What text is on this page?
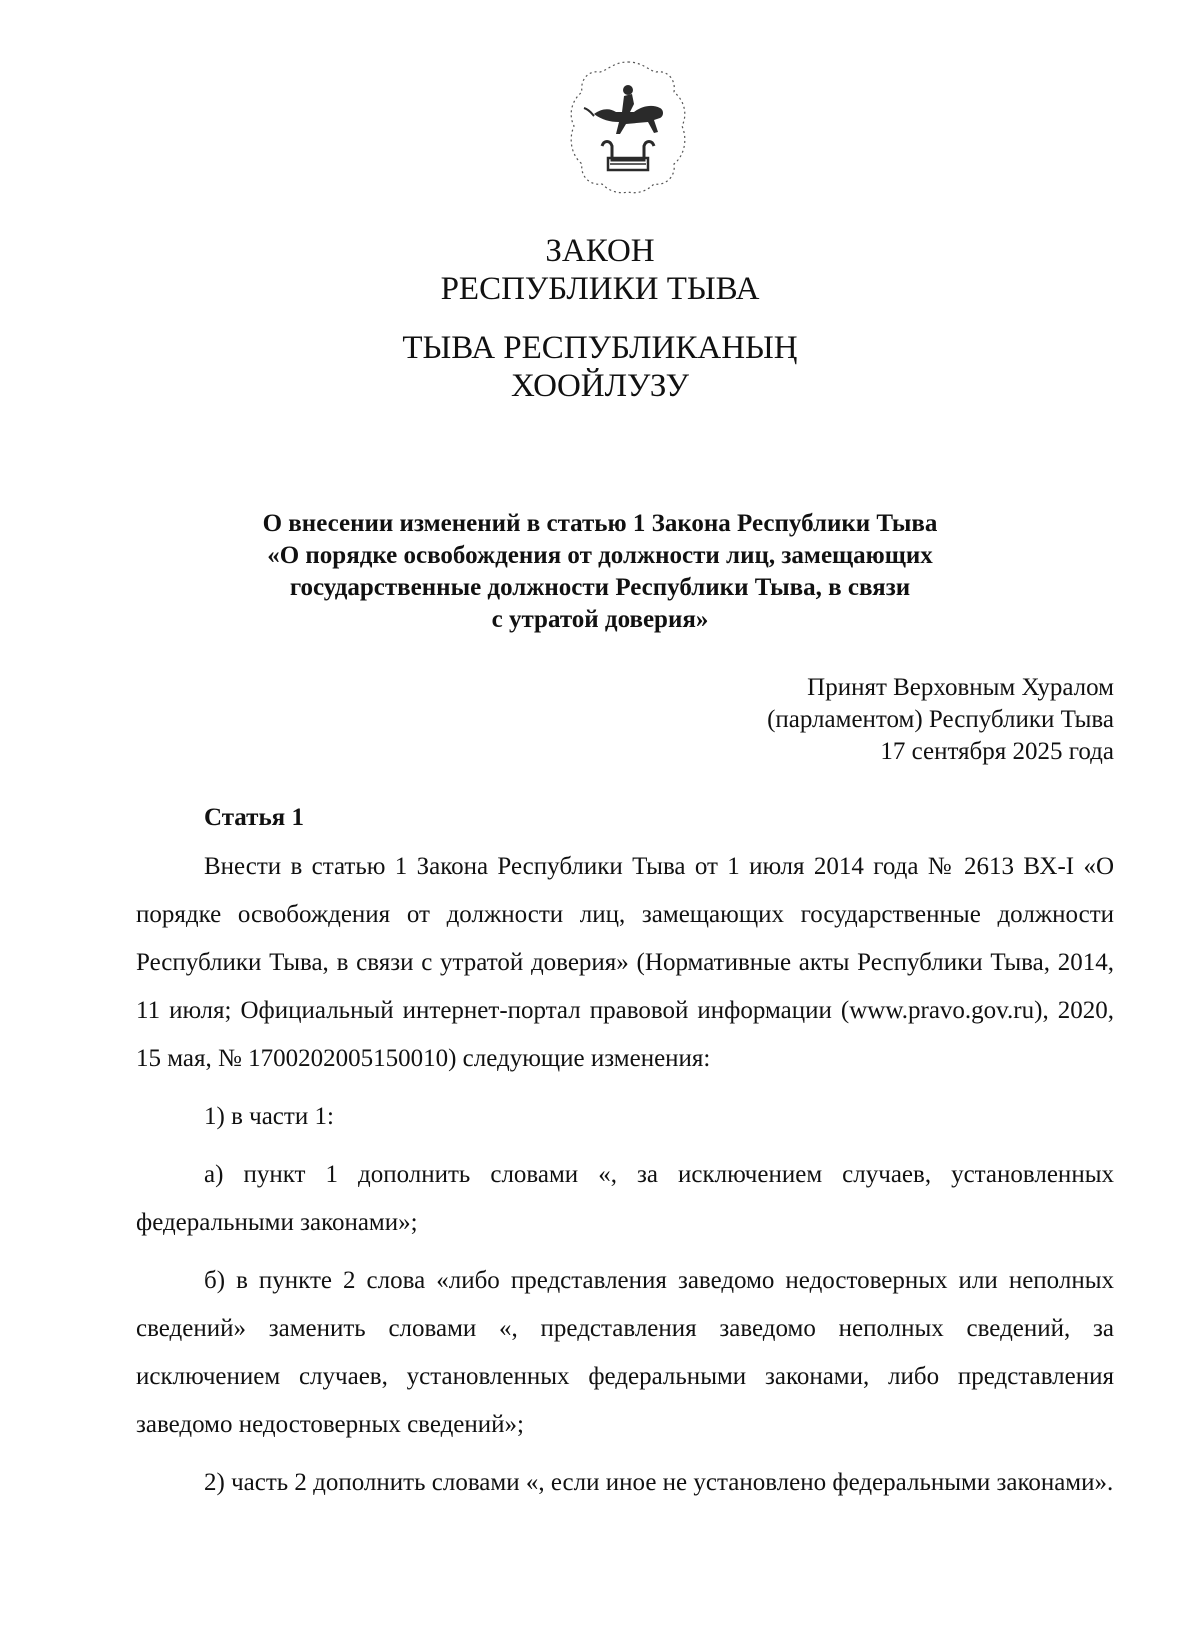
ЗАКОН
РЕСПУБЛИКИ ТЫВА
ТЫВА РЕСПУБЛИКАНЫҢ
ХООЙЛУЗУ
О внесении изменений в статью 1 Закона Республики Тыва
«О порядке освобождения от должности лиц, замещающих
государственные должности Республики Тыва, в связи
с утратой доверия»
Принят Верховным Хуралом
(парламентом) Республики Тыва
17 сентября 2025 года
Статья 1

Внести в статью 1 Закона Республики Тыва от 1 июля 2014 года № 2613 ВХ-I «О порядке освобождения от должности лиц, замещающих государственные должности Республики Тыва, в связи с утратой доверия» (Нормативные акты Республики Тыва, 2014, 11 июля; Официальный интернет-портал правовой информации (www.pravo.gov.ru), 2020, 15 мая, № 1700202005150010) следующие изменения:

1) в части 1:

а) пункт 1 дополнить словами «, за исключением случаев, установленных федеральными законами»;

б) в пункте 2 слова «либо представления заведомо недостоверных или неполных сведений» заменить словами «, представления заведомо неполных сведений, за исключением случаев, установленных федеральными законами, либо представления заведомо недостоверных сведений»;

2) часть 2 дополнить словами «, если иное не установлено федеральными законами».
